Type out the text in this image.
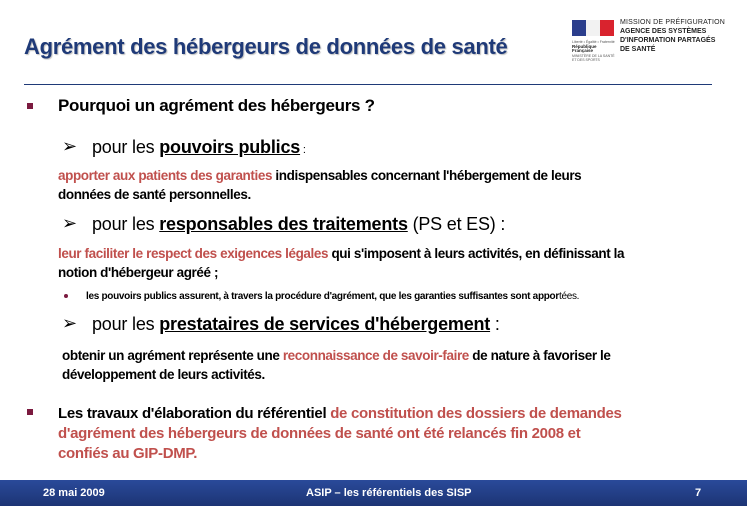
Agrément des hébergeurs de données de santé	Liberté • Égalité • Fraternité
République Française
MINISTÈRE DE LA SANTÉ ET DES SPORTS
MISSION DE PRÉFIGURATION
AGENCE DES SYSTÈMES
D'INFORMATION PARTAGÉS
DE SANTÉ
Pourquoi un agrément des hébergeurs ?
➢ pour les pouvoirs publics :
apporter aux patients des garanties indispensables concernant l'hébergement de leurs
données de santé personnelles.
➢ pour les responsables des traitements (PS et ES) :
leur faciliter le respect des exigences légales qui s'imposent à leurs activités, en définissant la
notion d'hébergeur agréé ;
les pouvoirs publics assurent, à travers la procédure d'agrément, que les garanties suffisantes sont apportées.
➢ pour les prestataires de services d'hébergement :
obtenir un agrément représente une reconnaissance de savoir-faire de nature à favoriser le
développement de leurs activités.
Les travaux d'élaboration du référentiel de constitution des dossiers de demandes
d'agrément des hébergeurs de données de santé ont été relancés fin 2008 et
confiés au GIP-DMP.
28 mai 2009	ASIP – les référentiels des SISP	7
